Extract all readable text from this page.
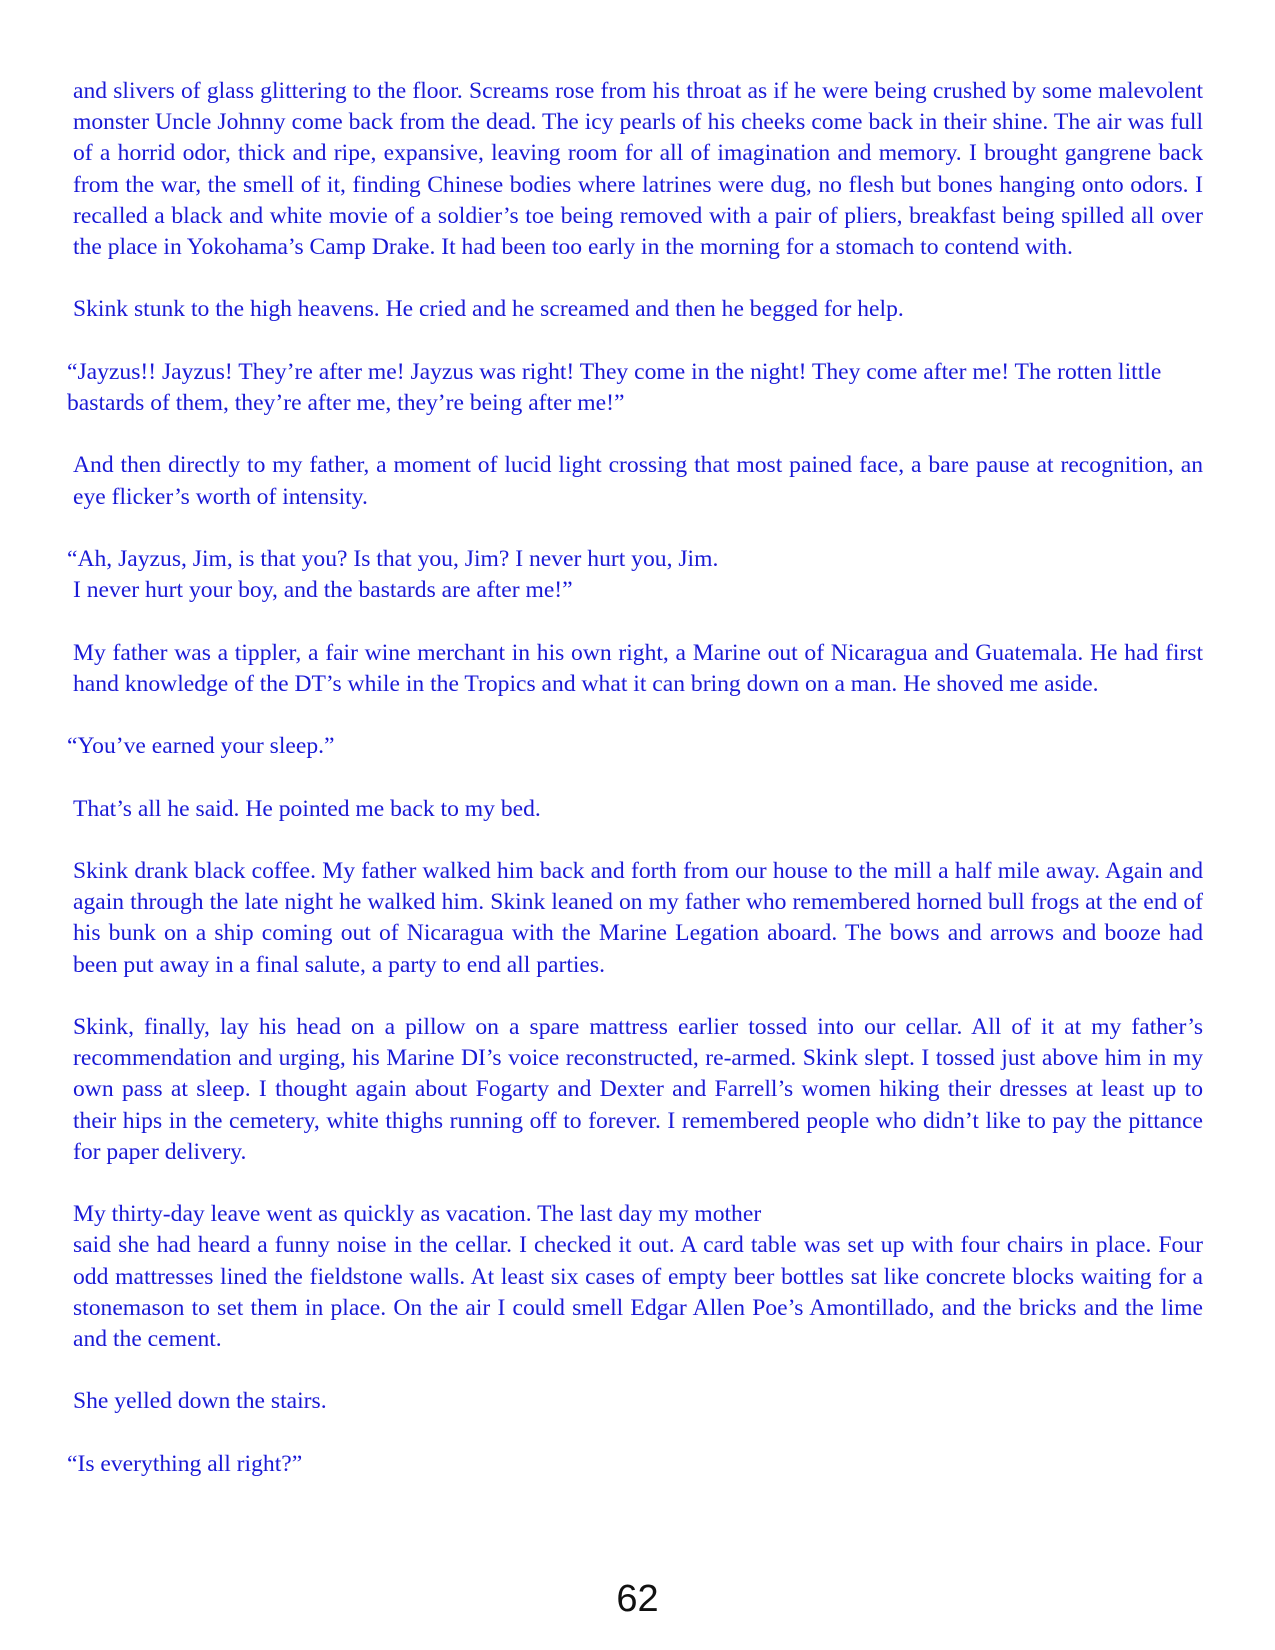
and slivers of glass glittering to the floor. Screams rose from his throat as if he were being crushed by some malevolent monster Uncle Johnny come back from the dead. The icy pearls of his cheeks come back in their shine. The air was full of a horrid odor, thick and ripe, expansive, leaving room for all of imagination and memory. I brought gangrene back from the war, the smell of it, finding Chinese bodies where latrines were dug, no flesh but bones hanging onto odors. I recalled a black and white movie of a soldier’s toe being removed with a pair of pliers, breakfast being spilled all over the place in Yokohama’s Camp Drake. It had been too early in the morning for a stomach to contend with.

Skink stunk to the high heavens. He cried and he screamed and then he begged for help.

“Jayzus!! Jayzus! They’re after me! Jayzus was right! They come in the night! They come after me! The rotten little bastards of them, they’re after me, they’re being after me!”

And then directly to my father, a moment of lucid light crossing that most pained face, a bare pause at recognition, an eye flicker’s worth of intensity.

“Ah, Jayzus, Jim, is that you? Is that you, Jim? I never hurt you, Jim.
I never hurt your boy, and the bastards are after me!”

My father was a tippler, a fair wine merchant in his own right, a Marine out of Nicaragua and Guatemala. He had first hand knowledge of the DT’s while in the Tropics and what it can bring down on a man. He shoved me aside.

“You’ve earned your sleep.”

That’s all he said. He pointed me back to my bed.

Skink drank black coffee. My father walked him back and forth from our house to the mill a half mile away. Again and again through the late night he walked him. Skink leaned on my father who remembered horned bull frogs at the end of his bunk on a ship coming out of Nicaragua with the Marine Legation aboard. The bows and arrows and booze had been put away in a final salute, a party to end all parties.

Skink, finally, lay his head on a pillow on a spare mattress earlier tossed into our cellar. All of it at my father’s recommendation and urging, his Marine DI’s voice reconstructed, re-armed. Skink slept. I tossed just above him in my own pass at sleep. I thought again about Fogarty and Dexter and Farrell’s women hiking their dresses at least up to their hips in the cemetery, white thighs running off to forever. I remembered people who didn’t like to pay the pittance for paper delivery.

My thirty-day leave went as quickly as vacation. The last day my mother
said she had heard a funny noise in the cellar. I checked it out. A card table was set up with four chairs in place. Four odd mattresses lined the fieldstone walls. At least six cases of empty beer bottles sat like concrete blocks waiting for a stonemason to set them in place. On the air I could smell Edgar Allen Poe’s Amontillado, and the bricks and the lime and the cement.

She yelled down the stairs.

“Is everything all right?”

62
